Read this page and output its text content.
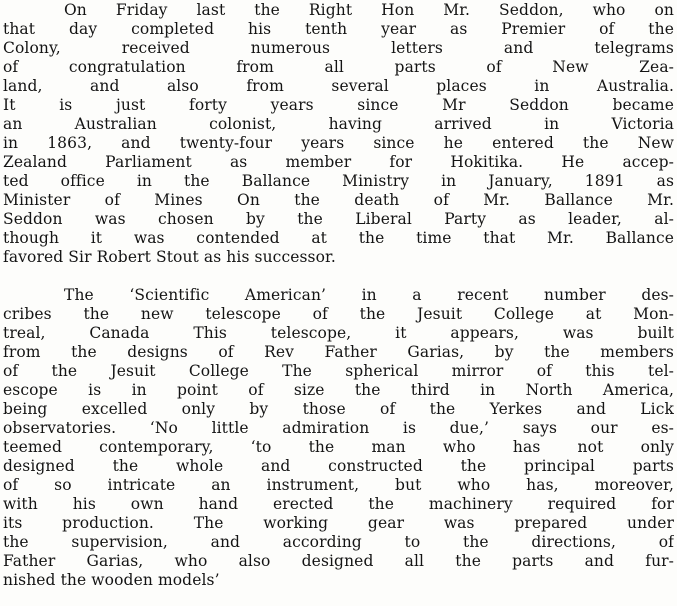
On Friday last the Right Hon Mr. Seddon, who on
that day completed his tenth year as Premier of the
Colony, received numerous letters and telegrams
of congratulation from all parts of New Zea-
land, and also from several places in Australia.
It is just forty years since Mr Seddon became
an Australian colonist, having arrived in Victoria
in 1863, and twenty-four years since he entered the New
Zealand Parliament as member for Hokitika. He accep-
ted office in the Ballance Ministry in January, 1891 as
Minister of Mines On the death of Mr. Ballance Mr.
Seddon was chosen by the Liberal Party as leader, al-
though it was contended at the time that Mr. Ballance
favored Sir Robert Stout as his successor.
The ‘Scientific American’ in a recent number des-
cribes the new telescope of the Jesuit College at Mon-
treal, Canada This telescope, it appears, was built
from the designs of Rev Father Garias, by the members
of the Jesuit College The spherical mirror of this tel-
escope is in point of size the third in North America,
being excelled only by those of the Yerkes and Lick
observatories. ‘No little admiration is due,’ says our es-
teemed contemporary, ‘to the man who has not only
designed the whole and constructed the principal parts
of so intricate an instrument, but who has, moreover,
with his own hand erected the machinery required for
its production. The working gear was prepared under
the supervision, and according to the directions, of
Father Garias, who also designed all the parts and fur-
nished the wooden models’
